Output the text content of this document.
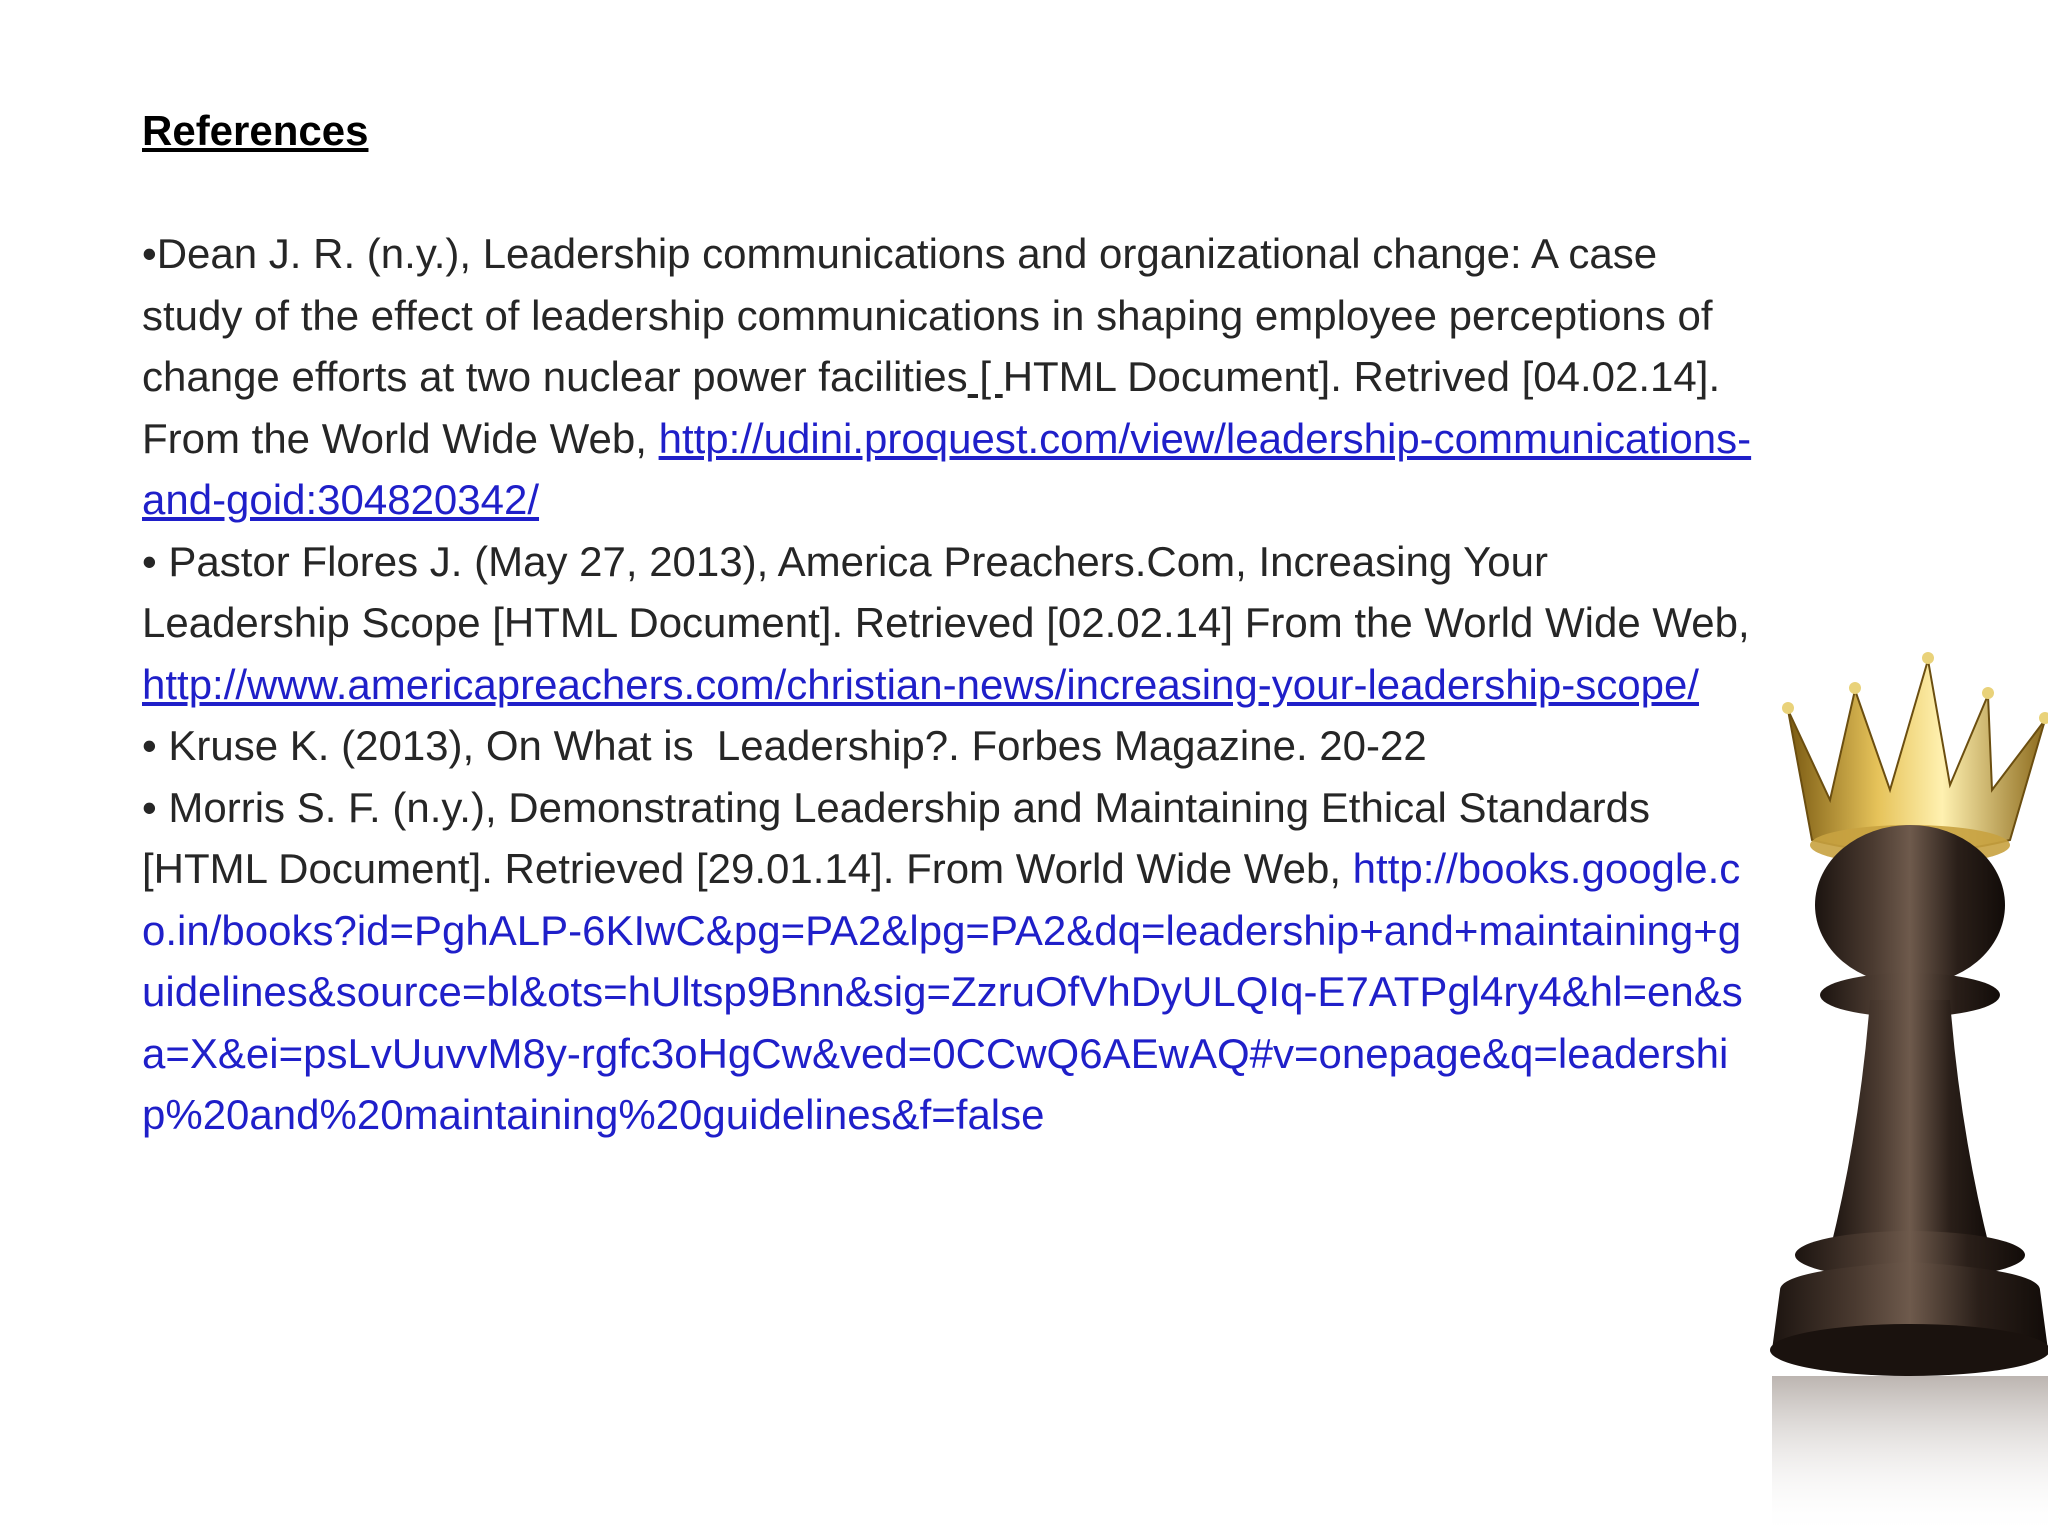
References

•Dean J. R. (n.y.), Leadership communications and organizational change: A case study of the effect of leadership communications in shaping employee perceptions of change efforts at two nuclear power facilities [ HTML Document]. Retrived [04.02.14]. From the World Wide Web, http://udini.proquest.com/view/leadership-communications-and-goid:304820342/

• Pastor Flores J. (May 27, 2013), America Preachers.Com, Increasing Your Leadership Scope [HTML Document]. Retrieved [02.02.14] From the World Wide Web, http://www.americapreachers.com/christian-news/increasing-your-leadership-scope/

• Kruse K. (2013), On What is  Leadership?. Forbes Magazine. 20-22

• Morris S. F. (n.y.), Demonstrating Leadership and Maintaining Ethical Standards [HTML Document]. Retrieved [29.01.14]. From World Wide Web, http://books.google.co.in/books?id=PghALP-6KIwC&pg=PA2&lpg=PA2&dq=leadership+and+maintaining+guidelines&source=bl&ots=hUltsp9Bnn&sig=ZzruOfVhDyULQIq-E7ATPgl4ry4&hl=en&sa=X&ei=psLvUuvvM8y-rgfc3oHgCw&ved=0CCwQ6AEwAQ#v=onepage&q=leadership%20and%20maintaining%20guidelines&f=false
